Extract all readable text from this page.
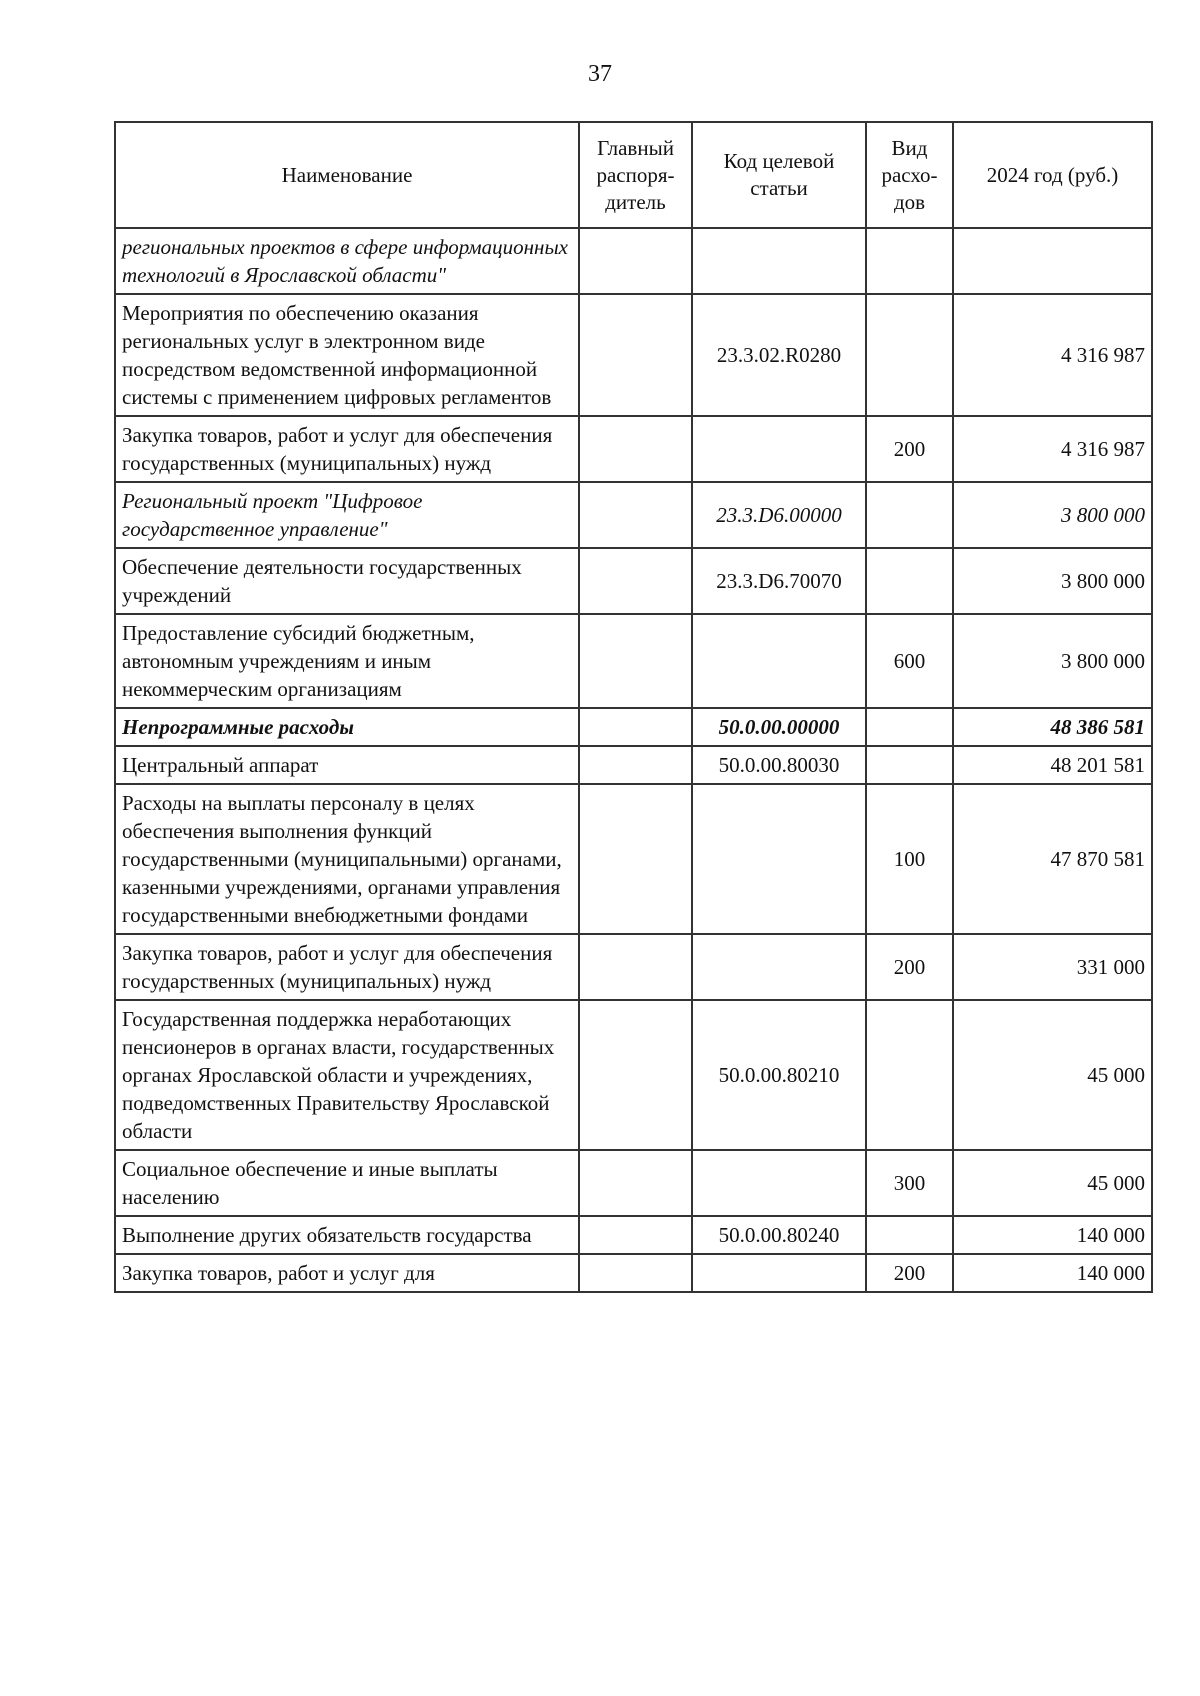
37
Наименование	Главный распоря-дитель	Код целевой статьи	Вид расхо-дов	2024 год (руб.)
региональных проектов в сфере информационных технологий в Ярославской области"				
Мероприятия по обеспечению оказания региональных услуг в электронном виде посредством ведомственной информационной системы с применением цифровых регламентов		23.3.02.R0280		4 316 987
Закупка товаров, работ и услуг для обеспечения государственных (муниципальных) нужд			200	4 316 987
Региональный проект "Цифровое государственное управление"		23.3.D6.00000		3 800 000
Обеспечение деятельности государственных учреждений		23.3.D6.70070		3 800 000
Предоставление субсидий бюджетным, автономным учреждениям и иным некоммерческим организациям			600	3 800 000
Непрограммные расходы		50.0.00.00000		48 386 581
Центральный аппарат		50.0.00.80030		48 201 581
Расходы на выплаты персоналу в целях обеспечения выполнения функций государственными (муниципальными) органами, казенными учреждениями, органами управления государственными внебюджетными фондами			100	47 870 581
Закупка товаров, работ и услуг для обеспечения государственных (муниципальных) нужд			200	331 000
Государственная поддержка неработающих пенсионеров в органах власти, государственных органах Ярославской области и учреждениях, подведомственных Правительству Ярославской области		50.0.00.80210		45 000
Социальное обеспечение и иные выплаты населению			300	45 000
Выполнение других обязательств государства		50.0.00.80240		140 000
Закупка товаров, работ и услуг для			200	140 000
